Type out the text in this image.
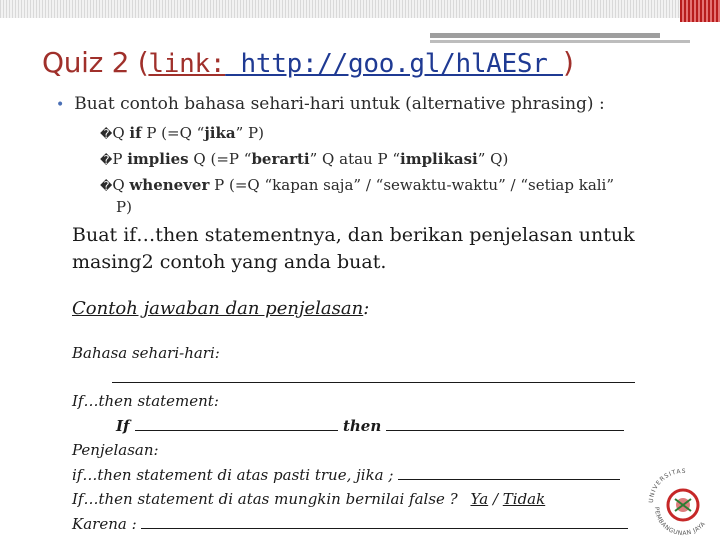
Quiz 2 (link: http://goo.gl/hlAESr )
• Buat contoh bahasa sehari-hari untuk (alternative phrasing) :
�Q if P (=Q “jika” P)
�P implies Q (=P “berarti” Q atau P “implikasi” Q)
�Q whenever P (=Q “kapan saja” / “sewaktu-waktu” / “setiap kali”
P)
Buat if…then statementnya, dan berikan penjelasan untuk masing2 contoh yang anda buat.
Contoh jawaban dan penjelasan:
Bahasa sehari-hari:
If…then statement:
If	then
Penjelasan:
if…then statement di atas pasti true, jika ;
If…then statement di atas mungkin bernilai false ? Ya / Tidak
Karena :
UNIVERSITAS
PEMBANGUNAN JAYA
